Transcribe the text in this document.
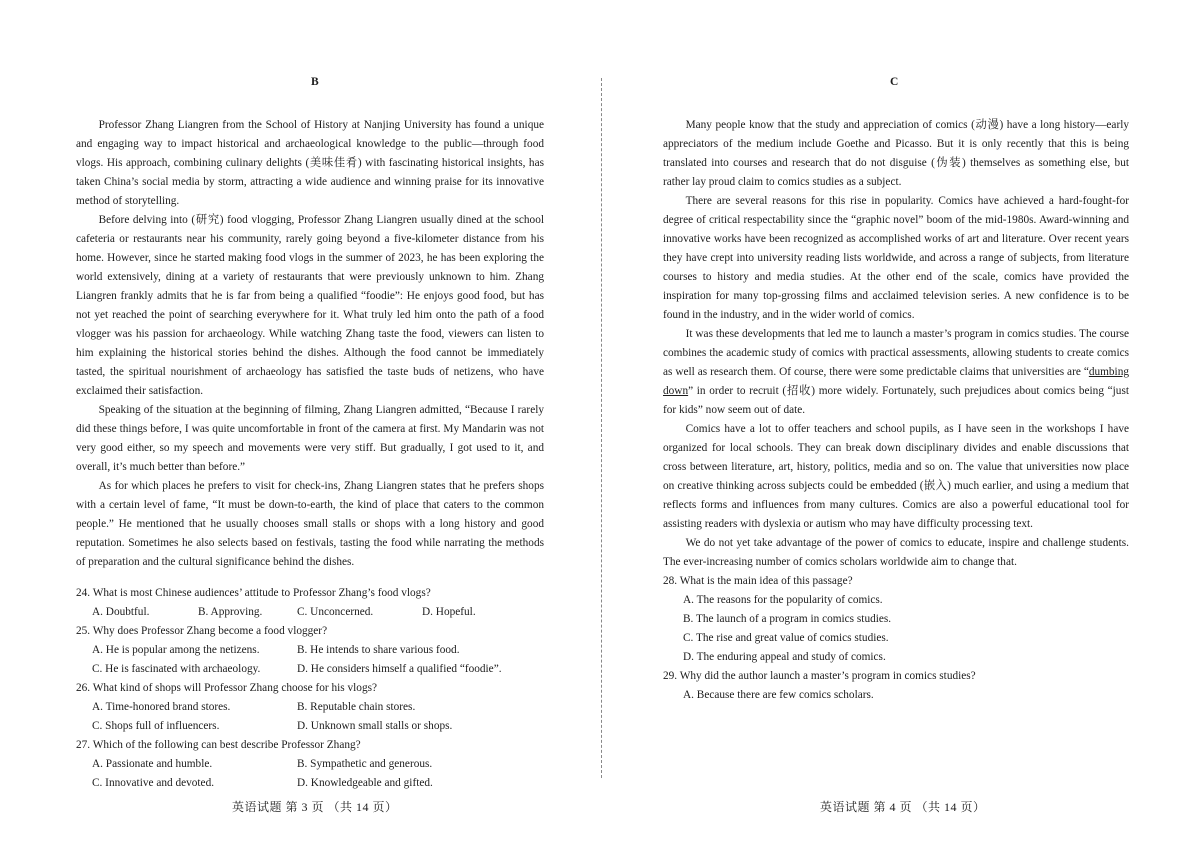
B

Professor Zhang Liangren from the School of History at Nanjing University has found a unique and engaging way to impact historical and archaeological knowledge to the public—through food vlogs. His approach, combining culinary delights (美味佳肴) with fascinating historical insights, has taken China’s social media by storm, attracting a wide audience and winning praise for its innovative method of storytelling.

Before delving into (研究) food vlogging, Professor Zhang Liangren usually dined at the school cafeteria or restaurants near his community, rarely going beyond a five-kilometer distance from his home. However, since he started making food vlogs in the summer of 2023, he has been exploring the world extensively, dining at a variety of restaurants that were previously unknown to him. Zhang Liangren frankly admits that he is far from being a qualified “foodie”: He enjoys good food, but has not yet reached the point of searching everywhere for it. What truly led him onto the path of a food vlogger was his passion for archaeology. While watching Zhang taste the food, viewers can listen to him explaining the historical stories behind the dishes. Although the food cannot be immediately tasted, the spiritual nourishment of archaeology has satisfied the taste buds of netizens, who have exclaimed their satisfaction.

Speaking of the situation at the beginning of filming, Zhang Liangren admitted, “Because I rarely did these things before, I was quite uncomfortable in front of the camera at first. My Mandarin was not very good either, so my speech and movements were very stiff. But gradually, I got used to it, and overall, it’s much better than before.”

As for which places he prefers to visit for check-ins, Zhang Liangren states that he prefers shops with a certain level of fame, “It must be down-to-earth, the kind of place that caters to the common people.” He mentioned that he usually chooses small stalls or shops with a long history and good reputation. Sometimes he also selects based on festivals, tasting the food while narrating the methods of preparation and the cultural significance behind the dishes.

24. What is most Chinese audiences’ attitude to Professor Zhang’s food vlogs?
A. Doubtful.	B. Approving.	C. Unconcerned.	D. Hopeful.
25. Why does Professor Zhang become a food vlogger?
A. He is popular among the netizens.	B. He intends to share various food.
C. He is fascinated with archaeology.	D. He considers himself a qualified “foodie”.
26. What kind of shops will Professor Zhang choose for his vlogs?
A. Time-honored brand stores.	B. Reputable chain stores.
C. Shops full of influencers.	D. Unknown small stalls or shops.
27. Which of the following can best describe Professor Zhang?
A. Passionate and humble.	B. Sympathetic and generous.
C. Innovative and devoted.	D. Knowledgeable and gifted.
英语试题 第 3 页 （共 14 页）
C

Many people know that the study and appreciation of comics (动漫) have a long history—early appreciators of the medium include Goethe and Picasso. But it is only recently that this is being translated into courses and research that do not disguise (伪装) themselves as something else, but rather lay proud claim to comics studies as a subject.

There are several reasons for this rise in popularity. Comics have achieved a hard-fought-for degree of critical respectability since the “graphic novel” boom of the mid-1980s. Award-winning and innovative works have been recognized as accomplished works of art and literature. Over recent years they have crept into university reading lists worldwide, and across a range of subjects, from literature courses to history and media studies. At the other end of the scale, comics have provided the inspiration for many top-grossing films and acclaimed television series. A new confidence is to be found in the industry, and in the wider world of comics.

It was these developments that led me to launch a master’s program in comics studies. The course combines the academic study of comics with practical assessments, allowing students to create comics as well as research them. Of course, there were some predictable claims that universities are “dumbing down” in order to recruit (招收) more widely. Fortunately, such prejudices about comics being “just for kids” now seem out of date.

Comics have a lot to offer teachers and school pupils, as I have seen in the workshops I have organized for local schools. They can break down disciplinary divides and enable discussions that cross between literature, art, history, politics, media and so on. The value that universities now place on creative thinking across subjects could be embedded (嵌入) much earlier, and using a medium that reflects forms and influences from many cultures. Comics are also a powerful educational tool for assisting readers with dyslexia or autism who may have difficulty processing text.

We do not yet take advantage of the power of comics to educate, inspire and challenge students. The ever-increasing number of comics scholars worldwide aim to change that.

28. What is the main idea of this passage?
A. The reasons for the popularity of comics.
B. The launch of a program in comics studies.
C. The rise and great value of comics studies.
D. The enduring appeal and study of comics.
29. Why did the author launch a master’s program in comics studies?
A. Because there are few comics scholars.
英语试题 第 4 页 （共 14 页）
